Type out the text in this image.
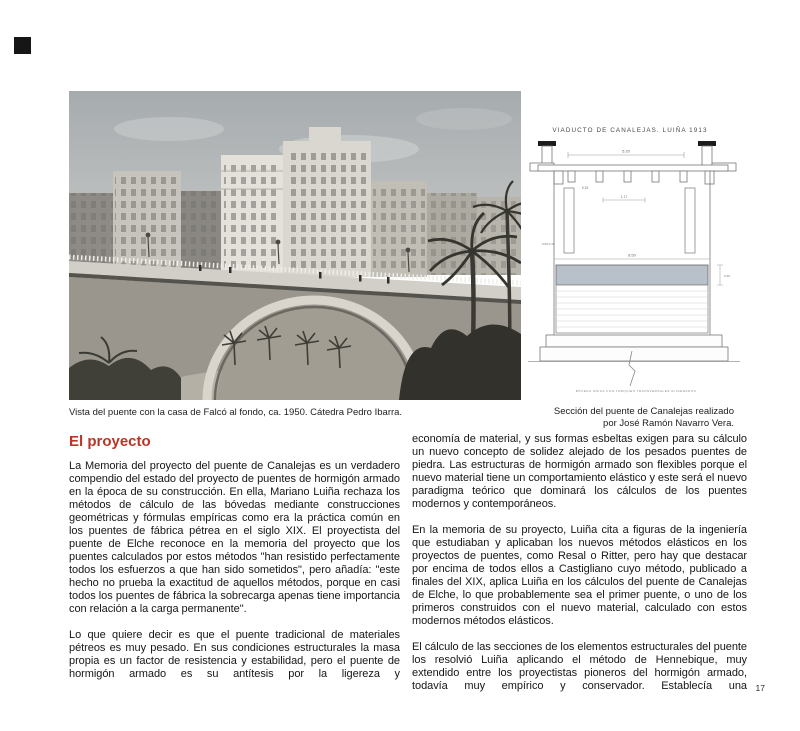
VIADUCTO DE CANALEJAS. LUIÑA 1913
5.20
5.15
1.17
0.50 0.40
8.50
0.35
BÓVEDA ÚNICA CON TABIQUES TRANSVERSALES ALIGERADOS
Vista del puente con la casa de Falcó al fondo, ca. 1950. Cátedra Pedro Ibarra.	Sección del puente de Canalejas realizado
por José Ramón Navarro Vera.
El proyecto

La Memoria del proyecto del puente de Canalejas es un verdadero compendio del estado del proyecto de puentes de hormigón armado en la época de su construcción. En ella, Mariano Luiña rechaza los métodos de cálculo de las bóvedas mediante construcciones geométricas y fórmulas empíricas como era la práctica común en los puentes de fábrica pétrea en el siglo XIX. El proyectista del puente de Elche reconoce en la memoria del proyecto que los puentes calculados por estos métodos "han resistido perfectamente todos los esfuerzos a que han sido sometidos", pero añadía: "este hecho no prueba la exactitud de aquellos métodos, porque en casi todos los puentes de fábrica la sobrecarga apenas tiene importancia con relación a la carga permanente".

Lo que quiere decir es que el puente tradicional de materiales pétreos es muy pesado. En sus condiciones estructurales la masa propia es un factor de resistencia y estabilidad, pero el puente de hormigón armado es su antítesis por la ligereza y

economía de material, y sus formas esbeltas exigen para su cálculo un nuevo concepto de solidez alejado de los pesados puentes de piedra. Las estructuras de hormigón armado son flexibles porque el nuevo material tiene un comportamiento elástico y este será el nuevo paradigma teórico que dominará los cálculos de los puentes modernos y contemporáneos.

En la memoria de su proyecto, Luiña cita a figuras de la ingeniería que estudiaban y aplicaban los nuevos métodos elásticos en los proyectos de puentes, como Resal o Ritter, pero hay que destacar por encima de todos ellos a Castigliano cuyo método, publicado a finales del XIX, aplica Luiña en los cálculos del puente de Canalejas de Elche, lo que probablemente sea el primer puente, o uno de los primeros construidos con el nuevo material, calculado con estos modernos métodos elásticos.

El cálculo de las secciones de los elementos estructurales del puente los resolvió Luiña aplicando el método de Hennebique, muy extendido entre los proyectistas pioneros del hormigón armado, todavía muy empírico y conservador. Establecía una	17
